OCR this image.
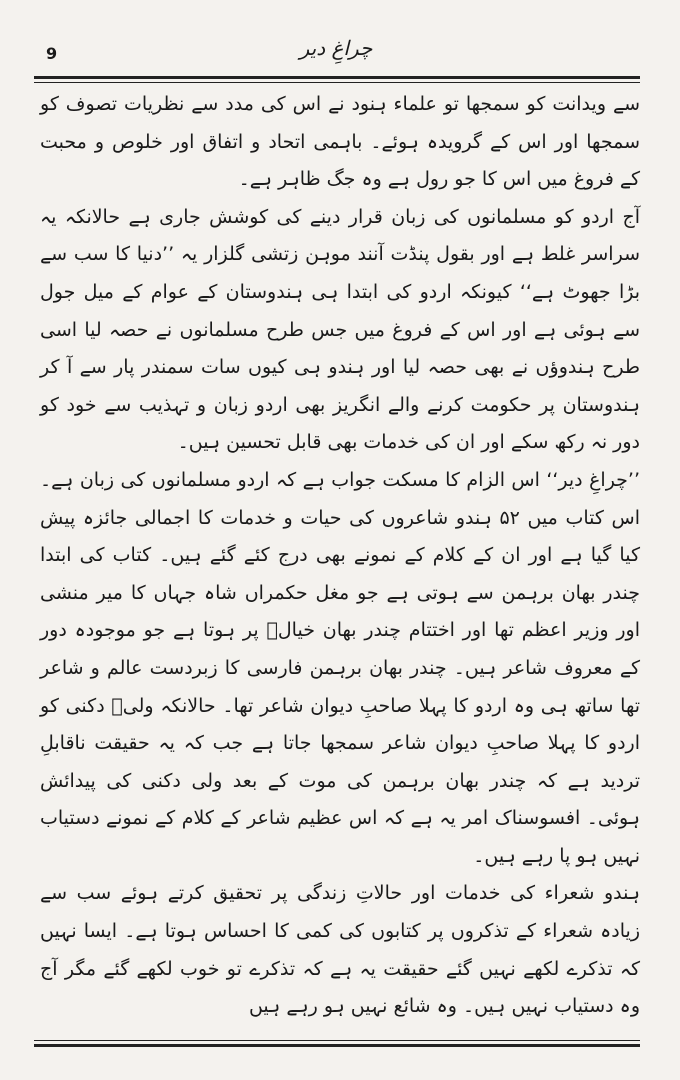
9	چراغِ دیر

سے ویدانت کو سمجھا تو علماء ہنود نے اس کی مدد سے نظریات تصوف کو سمجھا اور اس کے گرویدہ ہوئے۔ باہمی اتحاد و اتفاق اور خلوص و محبت کے فروغ میں اس کا جو رول ہے وہ جگ ظاہر ہے۔

آج اردو کو مسلمانوں کی زبان قرار دینے کی کوشش جاری ہے حالانکہ یہ سراسر غلط ہے اور بقول پنڈت آنند موہن زتشی گلزار یہ ’’دنیا کا سب سے بڑا جھوٹ ہے‘‘ کیونکہ اردو کی ابتدا ہی ہندوستان کے عوام کے میل جول سے ہوئی ہے اور اس کے فروغ میں جس طرح مسلمانوں نے حصہ لیا اسی طرح ہندوؤں نے بھی حصہ لیا اور ہندو ہی کیوں سات سمندر پار سے آ کر ہندوستان پر حکومت کرنے والے انگریز بھی اردو زبان و تہذیب سے خود کو دور نہ رکھ سکے اور ان کی خدمات بھی قابل تحسین ہیں۔

’’چراغِ دیر‘‘ اس الزام کا مسکت جواب ہے کہ اردو مسلمانوں کی زبان ہے۔ اس کتاب میں ۵۲ ہندو شاعروں کی حیات و خدمات کا اجمالی جائزہ پیش کیا گیا ہے اور ان کے کلام کے نمونے بھی درج کئے گئے ہیں۔ کتاب کی ابتدا چندر بھان برہمن سے ہوتی ہے جو مغل حکمراں شاہ جہاں کا میر منشی اور وزیر اعظم تھا اور اختتام چندر بھان خیالؔ پر ہوتا ہے جو موجودہ دور کے معروف شاعر ہیں۔ چندر بھان برہمن فارسی کا زبردست عالم و شاعر تھا ساتھ ہی وہ اردو کا پہلا صاحبِ دیوان شاعر تھا۔ حالانکہ ولیؔ دکنی کو اردو کا پہلا صاحبِ دیوان شاعر سمجھا جاتا ہے جب کہ یہ حقیقت ناقابلِ تردید ہے کہ چندر بھان برہمن کی موت کے بعد ولی دکنی کی پیدائش ہوئی۔ افسوسناک امر یہ ہے کہ اس عظیم شاعر کے کلام کے نمونے دستیاب نہیں ہو پا رہے ہیں۔

ہندو شعراء کی خدمات اور حالاتِ زندگی پر تحقیق کرتے ہوئے سب سے زیادہ شعراء کے تذکروں پر کتابوں کی کمی کا احساس ہوتا ہے۔ ایسا نہیں کہ تذکرے لکھے نہیں گئے حقیقت یہ ہے کہ تذکرے تو خوب لکھے گئے مگر آج وہ دستیاب نہیں ہیں۔ وہ شائع نہیں ہو رہے ہیں
